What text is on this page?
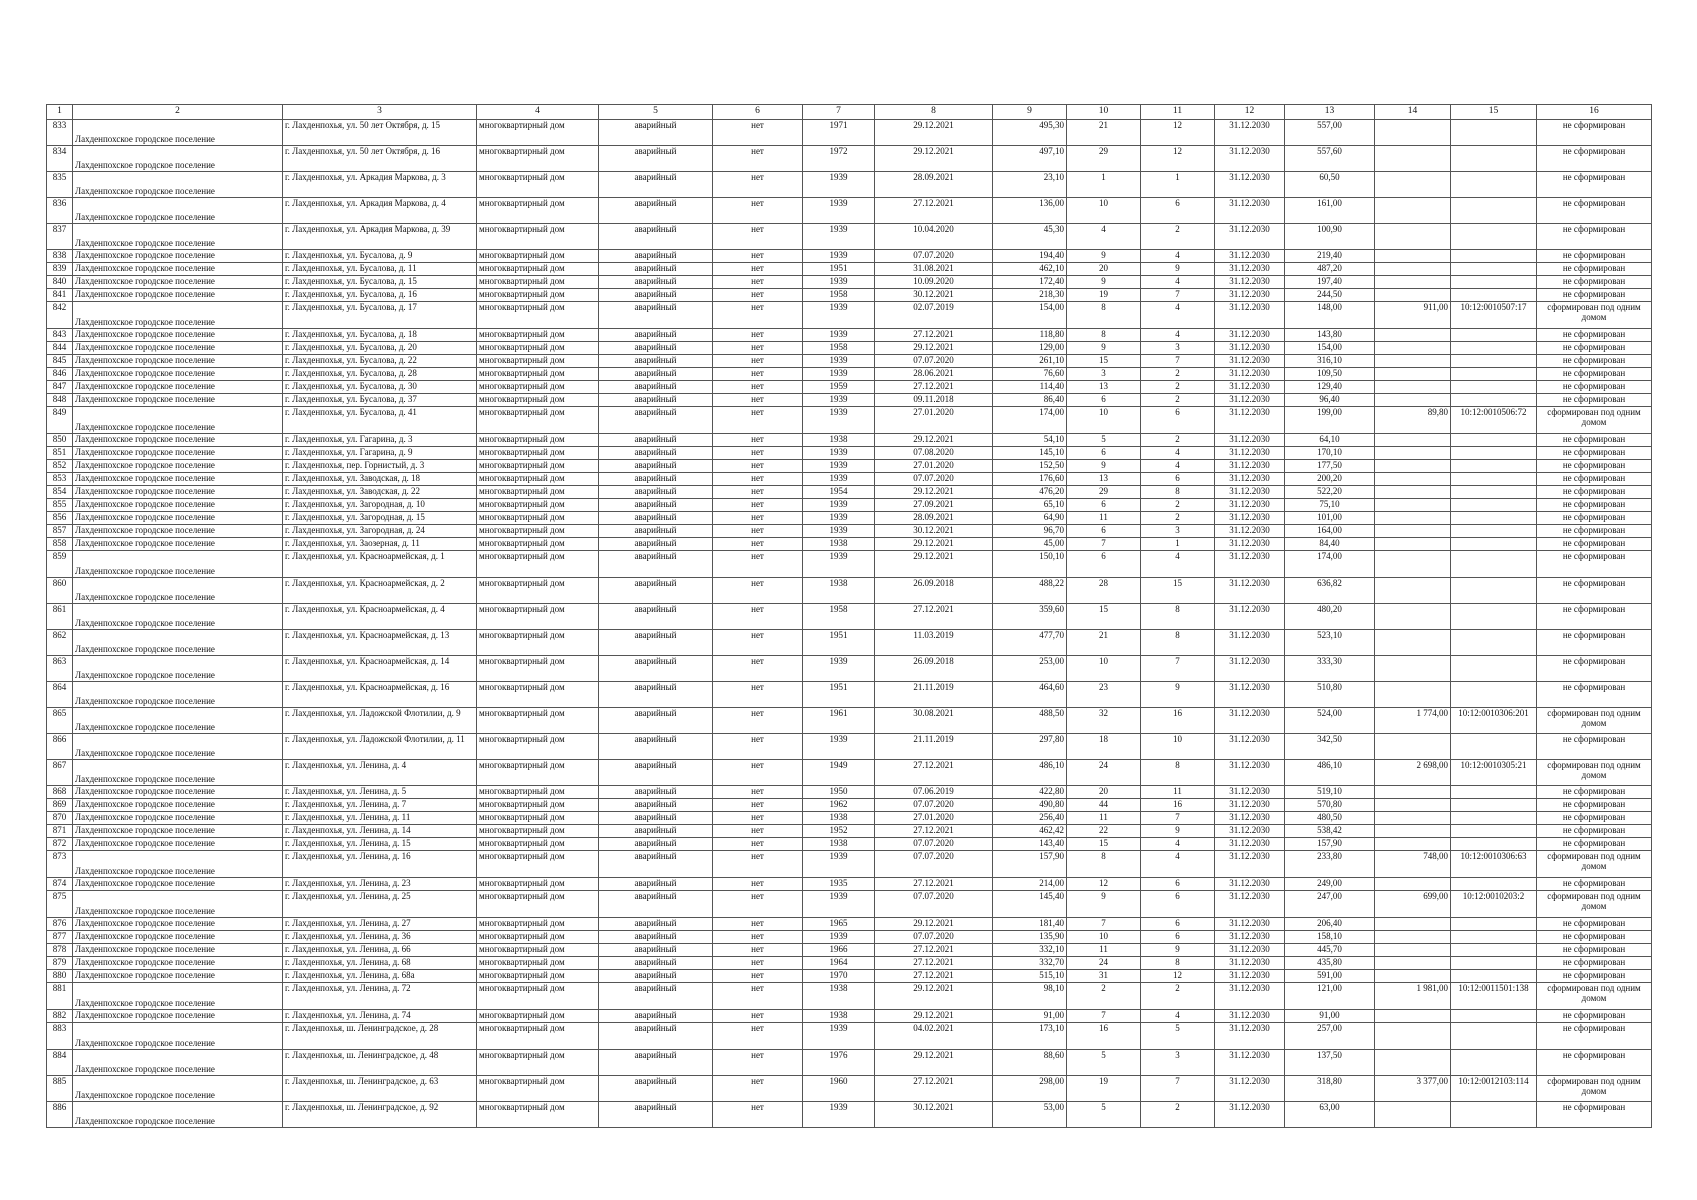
1	2	3	4	5	6	7	8	9	10	11	12	13	14	15	16
833	Лахденпохское городское поселение	г. Лахденпохья, ул. 50 лет Октября, д. 15	многоквартирный дом	аварийный	нет	1971	29.12.2021	495,30	21	12	31.12.2030	557,00			не сформирован
834	Лахденпохское городское поселение	г. Лахденпохья, ул. 50 лет Октября, д. 16	многоквартирный дом	аварийный	нет	1972	29.12.2021	497,10	29	12	31.12.2030	557,60			не сформирован
835	Лахденпохское городское поселение	г. Лахденпохья, ул. Аркадия Маркова, д. 3	многоквартирный дом	аварийный	нет	1939	28.09.2021	23,10	1	1	31.12.2030	60,50			не сформирован
836	Лахденпохское городское поселение	г. Лахденпохья, ул. Аркадия Маркова, д. 4	многоквартирный дом	аварийный	нет	1939	27.12.2021	136,00	10	6	31.12.2030	161,00			не сформирован
837	Лахденпохское городское поселение	г. Лахденпохья, ул. Аркадия Маркова, д. 39	многоквартирный дом	аварийный	нет	1939	10.04.2020	45,30	4	2	31.12.2030	100,90			не сформирован
838	Лахденпохское городское поселение	г. Лахденпохья, ул. Бусалова, д. 9	многоквартирный дом	аварийный	нет	1939	07.07.2020	194,40	9	4	31.12.2030	219,40			не сформирован
839	Лахденпохское городское поселение	г. Лахденпохья, ул. Бусалова, д. 11	многоквартирный дом	аварийный	нет	1951	31.08.2021	462,10	20	9	31.12.2030	487,20			не сформирован
840	Лахденпохское городское поселение	г. Лахденпохья, ул. Бусалова, д. 15	многоквартирный дом	аварийный	нет	1939	10.09.2020	172,40	9	4	31.12.2030	197,40			не сформирован
841	Лахденпохское городское поселение	г. Лахденпохья, ул. Бусалова, д. 16	многоквартирный дом	аварийный	нет	1958	30.12.2021	218,30	19	7	31.12.2030	244,50			не сформирован
842	Лахденпохское городское поселение	г. Лахденпохья, ул. Бусалова, д. 17	многоквартирный дом	аварийный	нет	1939	02.07.2019	154,00	8	4	31.12.2030	148,00	911,00	10:12:0010507:17	сформирован под одним домом
843	Лахденпохское городское поселение	г. Лахденпохья, ул. Бусалова, д. 18	многоквартирный дом	аварийный	нет	1939	27.12.2021	118,80	8	4	31.12.2030	143,80			не сформирован
844	Лахденпохское городское поселение	г. Лахденпохья, ул. Бусалова, д. 20	многоквартирный дом	аварийный	нет	1958	29.12.2021	129,00	9	3	31.12.2030	154,00			не сформирован
845	Лахденпохское городское поселение	г. Лахденпохья, ул. Бусалова, д. 22	многоквартирный дом	аварийный	нет	1939	07.07.2020	261,10	15	7	31.12.2030	316,10			не сформирован
846	Лахденпохское городское поселение	г. Лахденпохья, ул. Бусалова, д. 28	многоквартирный дом	аварийный	нет	1939	28.06.2021	76,60	3	2	31.12.2030	109,50			не сформирован
847	Лахденпохское городское поселение	г. Лахденпохья, ул. Бусалова, д. 30	многоквартирный дом	аварийный	нет	1959	27.12.2021	114,40	13	2	31.12.2030	129,40			не сформирован
848	Лахденпохское городское поселение	г. Лахденпохья, ул. Бусалова, д. 37	многоквартирный дом	аварийный	нет	1939	09.11.2018	86,40	6	2	31.12.2030	96,40			не сформирован
849	Лахденпохское городское поселение	г. Лахденпохья, ул. Бусалова, д. 41	многоквартирный дом	аварийный	нет	1939	27.01.2020	174,00	10	6	31.12.2030	199,00	89,80	10:12:0010506:72	сформирован под одним домом
850	Лахденпохское городское поселение	г. Лахденпохья, ул. Гагарина, д. 3	многоквартирный дом	аварийный	нет	1938	29.12.2021	54,10	5	2	31.12.2030	64,10			не сформирован
851	Лахденпохское городское поселение	г. Лахденпохья, ул. Гагарина, д. 9	многоквартирный дом	аварийный	нет	1939	07.08.2020	145,10	6	4	31.12.2030	170,10			не сформирован
852	Лахденпохское городское поселение	г. Лахденпохья, пер. Горнистый, д. 3	многоквартирный дом	аварийный	нет	1939	27.01.2020	152,50	9	4	31.12.2030	177,50			не сформирован
853	Лахденпохское городское поселение	г. Лахденпохья, ул. Заводская, д. 18	многоквартирный дом	аварийный	нет	1939	07.07.2020	176,60	13	6	31.12.2030	200,20			не сформирован
854	Лахденпохское городское поселение	г. Лахденпохья, ул. Заводская, д. 22	многоквартирный дом	аварийный	нет	1954	29.12.2021	476,20	29	8	31.12.2030	522,20			не сформирован
855	Лахденпохское городское поселение	г. Лахденпохья, ул. Загородная, д. 10	многоквартирный дом	аварийный	нет	1939	27.09.2021	65,10	6	2	31.12.2030	75,10			не сформирован
856	Лахденпохское городское поселение	г. Лахденпохья, ул. Загородная, д. 15	многоквартирный дом	аварийный	нет	1939	28.09.2021	64,90	11	2	31.12.2030	101,00			не сформирован
857	Лахденпохское городское поселение	г. Лахденпохья, ул. Загородная, д. 24	многоквартирный дом	аварийный	нет	1939	30.12.2021	96,70	6	3	31.12.2030	164,00			не сформирован
858	Лахденпохское городское поселение	г. Лахденпохья, ул. Заозерная, д. 11	многоквартирный дом	аварийный	нет	1938	29.12.2021	45,00	7	1	31.12.2030	84,40			не сформирован
859	Лахденпохское городское поселение	г. Лахденпохья, ул. Красноармейская, д. 1	многоквартирный дом	аварийный	нет	1939	29.12.2021	150,10	6	4	31.12.2030	174,00			не сформирован
860	Лахденпохское городское поселение	г. Лахденпохья, ул. Красноармейская, д. 2	многоквартирный дом	аварийный	нет	1938	26.09.2018	488,22	28	15	31.12.2030	636,82			не сформирован
861	Лахденпохское городское поселение	г. Лахденпохья, ул. Красноармейская, д. 4	многоквартирный дом	аварийный	нет	1958	27.12.2021	359,60	15	8	31.12.2030	480,20			не сформирован
862	Лахденпохское городское поселение	г. Лахденпохья, ул. Красноармейская, д. 13	многоквартирный дом	аварийный	нет	1951	11.03.2019	477,70	21	8	31.12.2030	523,10			не сформирован
863	Лахденпохское городское поселение	г. Лахденпохья, ул. Красноармейская, д. 14	многоквартирный дом	аварийный	нет	1939	26.09.2018	253,00	10	7	31.12.2030	333,30			не сформирован
864	Лахденпохское городское поселение	г. Лахденпохья, ул. Красноармейская, д. 16	многоквартирный дом	аварийный	нет	1951	21.11.2019	464,60	23	9	31.12.2030	510,80			не сформирован
865	Лахденпохское городское поселение	г. Лахденпохья, ул. Ладожской Флотилии, д. 9	многоквартирный дом	аварийный	нет	1961	30.08.2021	488,50	32	16	31.12.2030	524,00	1 774,00	10:12:0010306:201	сформирован под одним домом
866	Лахденпохское городское поселение	г. Лахденпохья, ул. Ладожской Флотилии, д. 11	многоквартирный дом	аварийный	нет	1939	21.11.2019	297,80	18	10	31.12.2030	342,50			не сформирован
867	Лахденпохское городское поселение	г. Лахденпохья, ул. Ленина, д. 4	многоквартирный дом	аварийный	нет	1949	27.12.2021	486,10	24	8	31.12.2030	486,10	2 698,00	10:12:0010305:21	сформирован под одним домом
868	Лахденпохское городское поселение	г. Лахденпохья, ул. Ленина, д. 5	многоквартирный дом	аварийный	нет	1950	07.06.2019	422,80	20	11	31.12.2030	519,10			не сформирован
869	Лахденпохское городское поселение	г. Лахденпохья, ул. Ленина, д. 7	многоквартирный дом	аварийный	нет	1962	07.07.2020	490,80	44	16	31.12.2030	570,80			не сформирован
870	Лахденпохское городское поселение	г. Лахденпохья, ул. Ленина, д. 11	многоквартирный дом	аварийный	нет	1938	27.01.2020	256,40	11	7	31.12.2030	480,50			не сформирован
871	Лахденпохское городское поселение	г. Лахденпохья, ул. Ленина, д. 14	многоквартирный дом	аварийный	нет	1952	27.12.2021	462,42	22	9	31.12.2030	538,42			не сформирован
872	Лахденпохское городское поселение	г. Лахденпохья, ул. Ленина, д. 15	многоквартирный дом	аварийный	нет	1938	07.07.2020	143,40	15	4	31.12.2030	157,90			не сформирован
873	Лахденпохское городское поселение	г. Лахденпохья, ул. Ленина, д. 16	многоквартирный дом	аварийный	нет	1939	07.07.2020	157,90	8	4	31.12.2030	233,80	748,00	10:12:0010306:63	сформирован под одним домом
874	Лахденпохское городское поселение	г. Лахденпохья, ул. Ленина, д. 23	многоквартирный дом	аварийный	нет	1935	27.12.2021	214,00	12	6	31.12.2030	249,00			не сформирован
875	Лахденпохское городское поселение	г. Лахденпохья, ул. Ленина, д. 25	многоквартирный дом	аварийный	нет	1939	07.07.2020	145,40	9	6	31.12.2030	247,00	699,00	10:12:0010203:2	сформирован под одним домом
876	Лахденпохское городское поселение	г. Лахденпохья, ул. Ленина, д. 27	многоквартирный дом	аварийный	нет	1965	29.12.2021	181,40	7	6	31.12.2030	206,40			не сформирован
877	Лахденпохское городское поселение	г. Лахденпохья, ул. Ленина, д. 36	многоквартирный дом	аварийный	нет	1939	07.07.2020	135,90	10	6	31.12.2030	158,10			не сформирован
878	Лахденпохское городское поселение	г. Лахденпохья, ул. Ленина, д. 66	многоквартирный дом	аварийный	нет	1966	27.12.2021	332,10	11	9	31.12.2030	445,70			не сформирован
879	Лахденпохское городское поселение	г. Лахденпохья, ул. Ленина, д. 68	многоквартирный дом	аварийный	нет	1964	27.12.2021	332,70	24	8	31.12.2030	435,80			не сформирован
880	Лахденпохское городское поселение	г. Лахденпохья, ул. Ленина, д. 68а	многоквартирный дом	аварийный	нет	1970	27.12.2021	515,10	31	12	31.12.2030	591,00			не сформирован
881	Лахденпохское городское поселение	г. Лахденпохья, ул. Ленина, д. 72	многоквартирный дом	аварийный	нет	1938	29.12.2021	98,10	2	2	31.12.2030	121,00	1 981,00	10:12:0011501:138	сформирован под одним домом
882	Лахденпохское городское поселение	г. Лахденпохья, ул. Ленина, д. 74	многоквартирный дом	аварийный	нет	1938	29.12.2021	91,00	7	4	31.12.2030	91,00			не сформирован
883	Лахденпохское городское поселение	г. Лахденпохья, ш. Ленинградское, д. 28	многоквартирный дом	аварийный	нет	1939	04.02.2021	173,10	16	5	31.12.2030	257,00			не сформирован
884	Лахденпохское городское поселение	г. Лахденпохья, ш. Ленинградское, д. 48	многоквартирный дом	аварийный	нет	1976	29.12.2021	88,60	5	3	31.12.2030	137,50			не сформирован
885	Лахденпохское городское поселение	г. Лахденпохья, ш. Ленинградское, д. 63	многоквартирный дом	аварийный	нет	1960	27.12.2021	298,00	19	7	31.12.2030	318,80	3 377,00	10:12:0012103:114	сформирован под одним домом
886	Лахденпохское городское поселение	г. Лахденпохья, ш. Ленинградское, д. 92	многоквартирный дом	аварийный	нет	1939	30.12.2021	53,00	5	2	31.12.2030	63,00			не сформирован
